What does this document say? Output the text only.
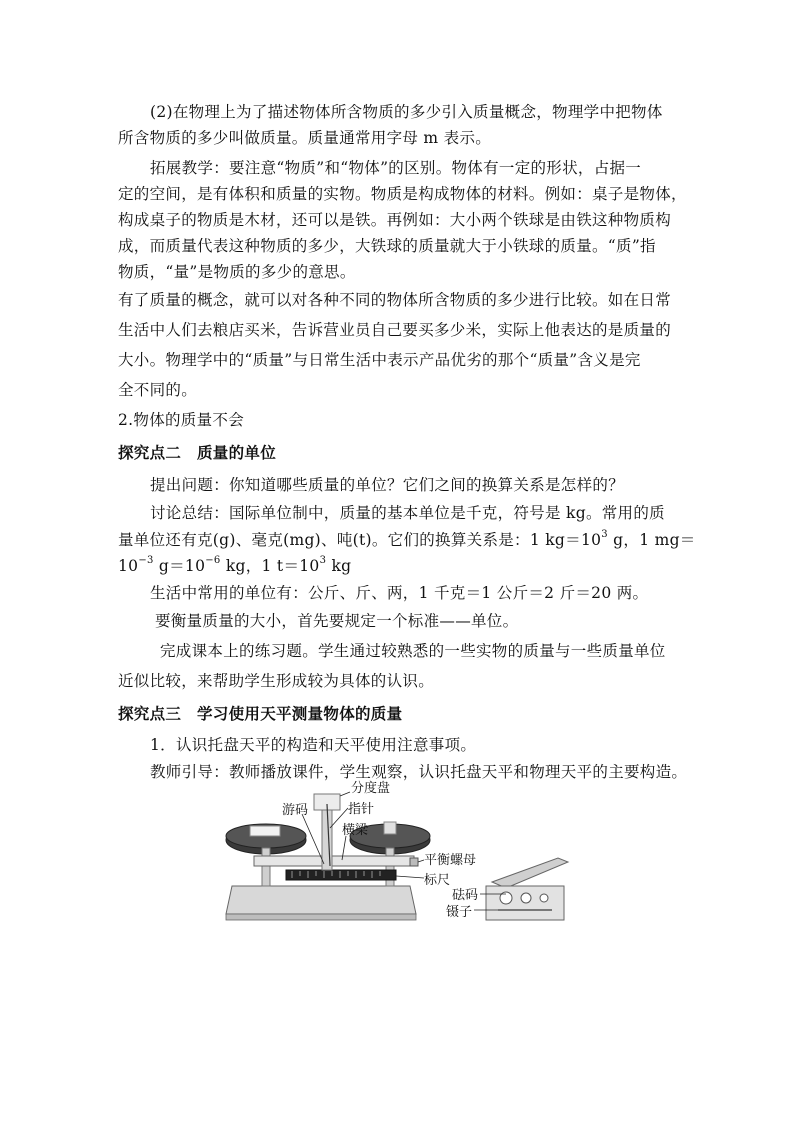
(2)在物理上为了描述物体所含物质的多少引入质量概念，物理学中把物体
所含物质的多少叫做质量。质量通常用字母 m 表示。
拓展教学：要注意“物质”和“物体”的区别。物体有一定的形状，占据一
定的空间，是有体积和质量的实物。物质是构成物体的材料。例如：桌子是物体，
构成桌子的物质是木材，还可以是铁。再例如：大小两个铁球是由铁这种物质构
成，而质量代表这种物质的多少，大铁球的质量就大于小铁球的质量。“质”指
物质，“量”是物质的多少的意思。
有了质量的概念，就可以对各种不同的物体所含物质的多少进行比较。如在日常
生活中人们去粮店买米，告诉营业员自己要买多少米，实际上他表达的是质量的
大小。物理学中的“质量”与日常生活中表示产品优劣的那个“质量”含义是完
全不同的。
2.物体的质量不会
探究点二　质量的单位
提出问题：你知道哪些质量的单位？它们之间的换算关系是怎样的？
讨论总结：国际单位制中，质量的基本单位是千克，符号是 kg。常用的质
量单位还有克(g)、毫克(mg)、吨(t)。它们的换算关系是：1 $kg=10^3$ g，1 mg＝
$10^{-3}$ $g=10^{-6}$ kg，1 $t=10^3$ kg
生活中常用的单位有：公斤、斤、两，1 千克＝1 公斤＝2 斤＝20 两。
要衡量质量的大小，首先要规定一个标准——单位。
完成课本上的练习题。学生通过较熟悉的一些实物的质量与一些质量单位
近似比较，来帮助学生形成较为具体的认识。
探究点三　学习使用天平测量物体的质量
1．认识托盘天平的构造和天平使用注意事项。
教师引导：教师播放课件，学生观察，认识托盘天平和物理天平的主要构造。
分度盘
游码	指针
横梁
平衡螺母
标尺
砝码
镊子
